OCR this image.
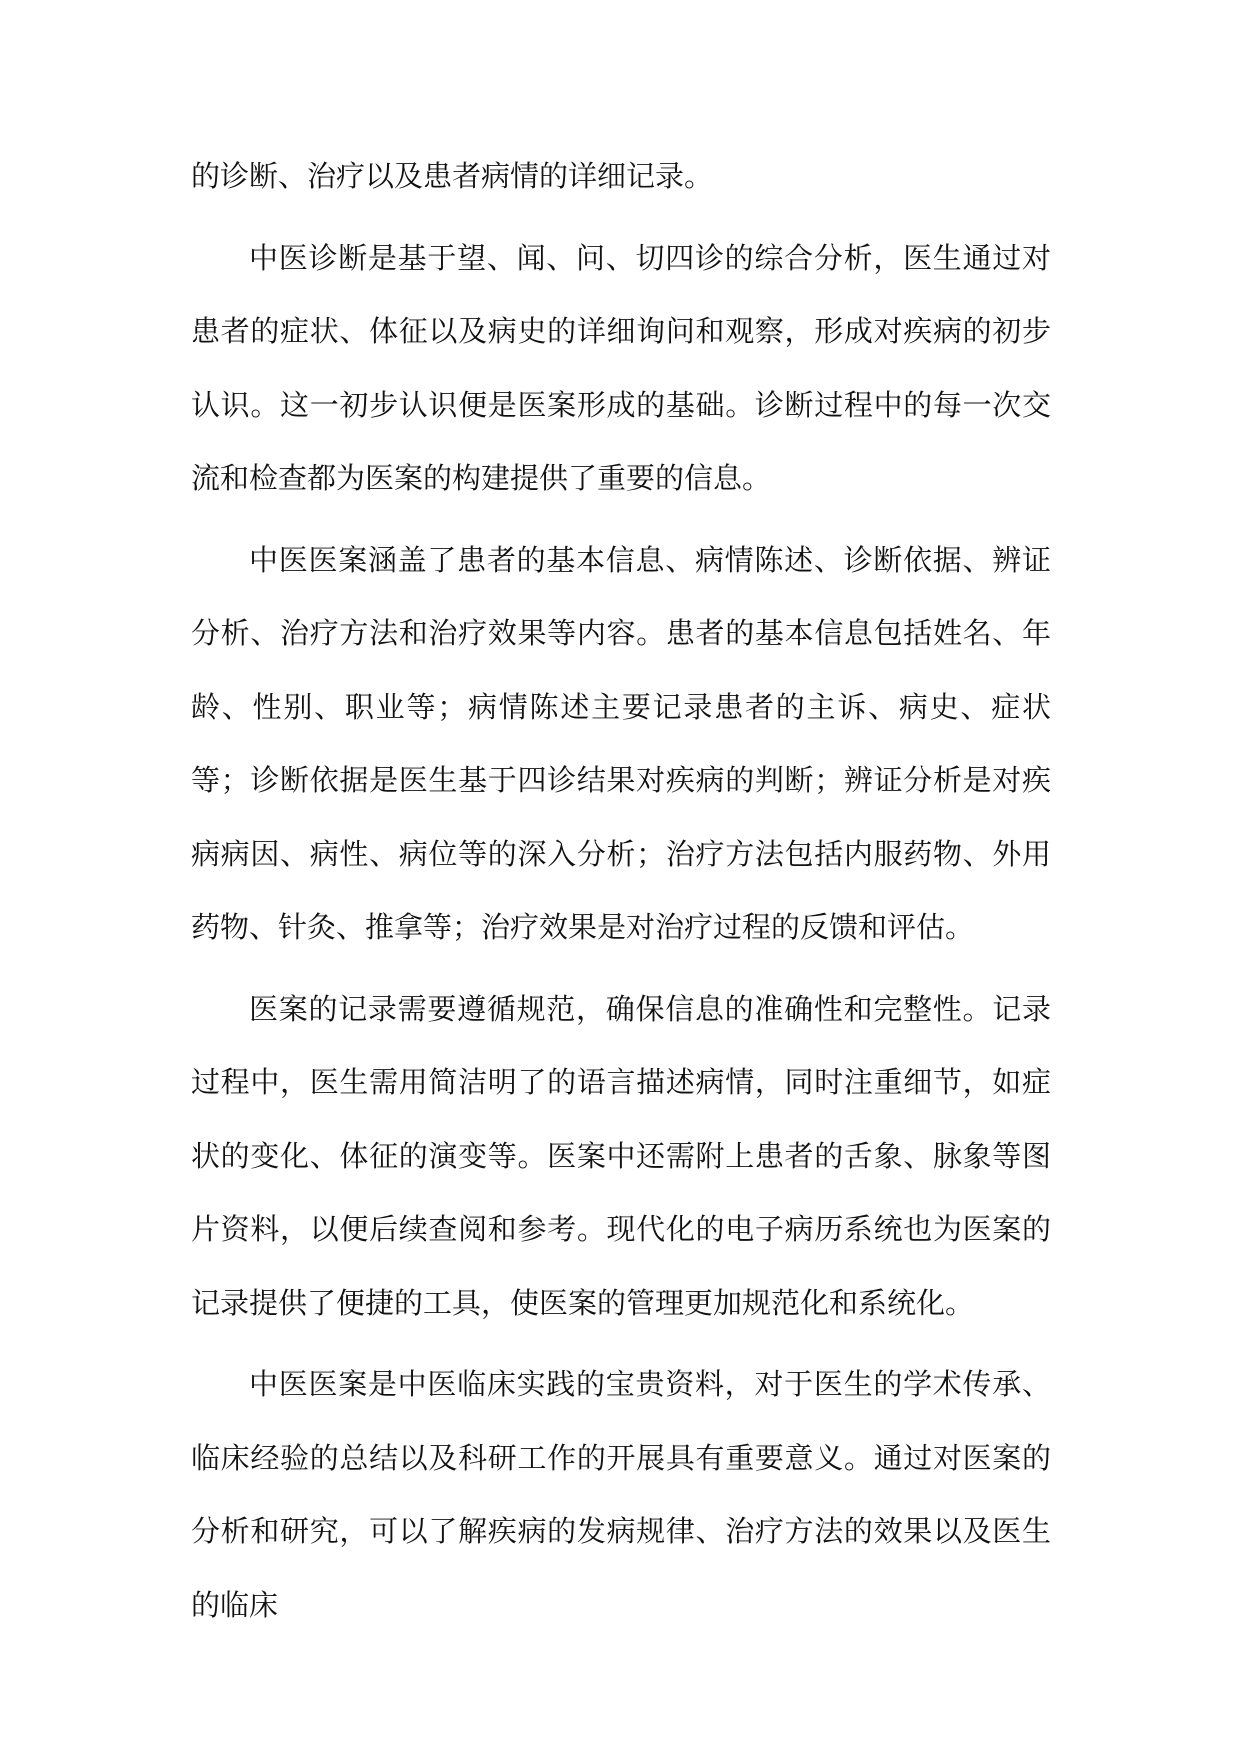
的诊断、治疗以及患者病情的详细记录。

中医诊断是基于望、闻、问、切四诊的综合分析，医生通过对患者的症状、体征以及病史的详细询问和观察，形成对疾病的初步认识。这一初步认识便是医案形成的基础。诊断过程中的每一次交流和检查都为医案的构建提供了重要的信息。

中医医案涵盖了患者的基本信息、病情陈述、诊断依据、辨证分析、治疗方法和治疗效果等内容。患者的基本信息包括姓名、年龄、性别、职业等；病情陈述主要记录患者的主诉、病史、症状等；诊断依据是医生基于四诊结果对疾病的判断；辨证分析是对疾病病因、病性、病位等的深入分析；治疗方法包括内服药物、外用药物、针灸、推拿等；治疗效果是对治疗过程的反馈和评估。

医案的记录需要遵循规范，确保信息的准确性和完整性。记录过程中，医生需用简洁明了的语言描述病情，同时注重细节，如症状的变化、体征的演变等。医案中还需附上患者的舌象、脉象等图片资料，以便后续查阅和参考。现代化的电子病历系统也为医案的记录提供了便捷的工具，使医案的管理更加规范化和系统化。

中医医案是中医临床实践的宝贵资料，对于医生的学术传承、临床经验的总结以及科研工作的开展具有重要意义。通过对医案的分析和研究，可以了解疾病的发病规律、治疗方法的效果以及医生的临床
